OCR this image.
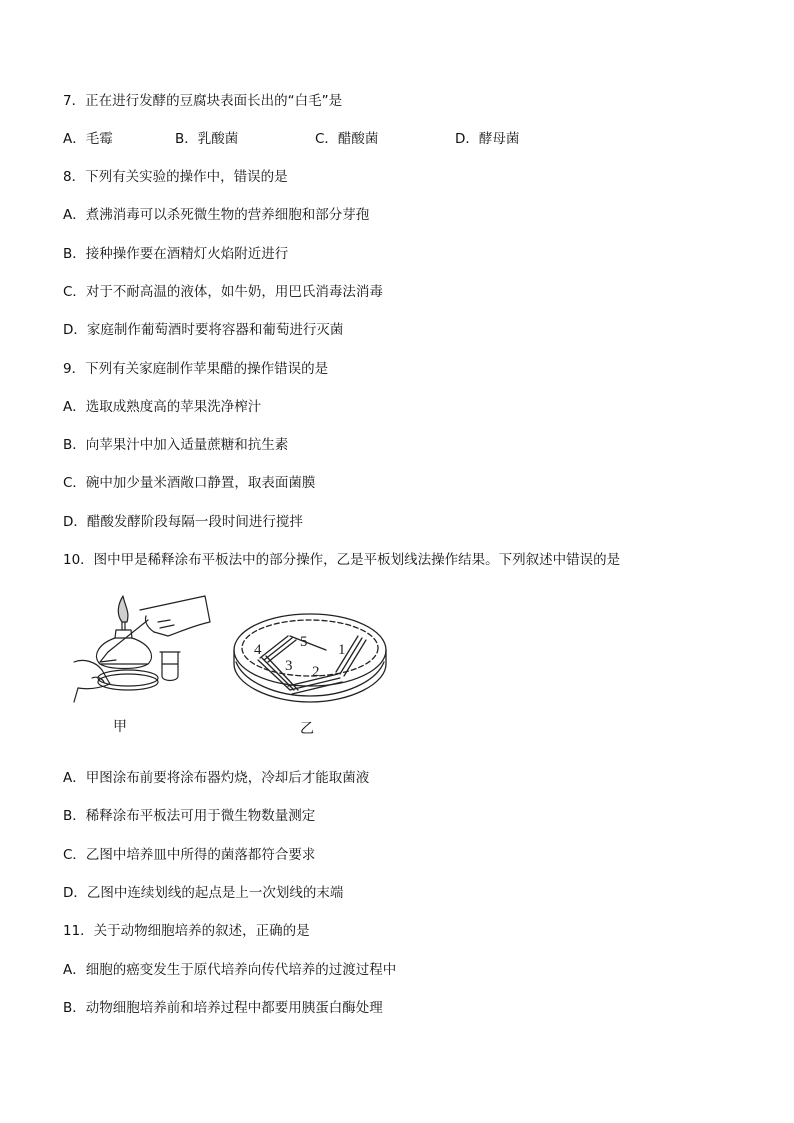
7．正在进行发酵的豆腐块表面长出的“白毛”是
A．毛霉	B．乳酸菌	C．醋酸菌	D．酵母菌
8．下列有关实验的操作中，错误的是
A．煮沸消毒可以杀死微生物的营养细胞和部分芽孢
B．接种操作要在酒精灯火焰附近进行
C．对于不耐高温的液体，如牛奶，用巴氏消毒法消毒
D．家庭制作葡萄酒时要将容器和葡萄进行灭菌
9．下列有关家庭制作苹果醋的操作错误的是
A．选取成熟度高的苹果洗净榨汁
B．向苹果汁中加入适量蔗糖和抗生素
C．碗中加少量米酒敞口静置，取表面菌膜
D．醋酸发酵阶段每隔一段时间进行搅拌
10．图中甲是稀释涂布平板法中的部分操作，乙是平板划线法操作结果。下列叙述中错误的是
甲
1
2
3
4	5
乙
A．甲图涂布前要将涂布器灼烧，冷却后才能取菌液
B．稀释涂布平板法可用于微生物数量测定
C．乙图中培养皿中所得的菌落都符合要求
D．乙图中连续划线的起点是上一次划线的末端
11．关于动物细胞培养的叙述，正确的是
A．细胞的癌变发生于原代培养向传代培养的过渡过程中
B．动物细胞培养前和培养过程中都要用胰蛋白酶处理
